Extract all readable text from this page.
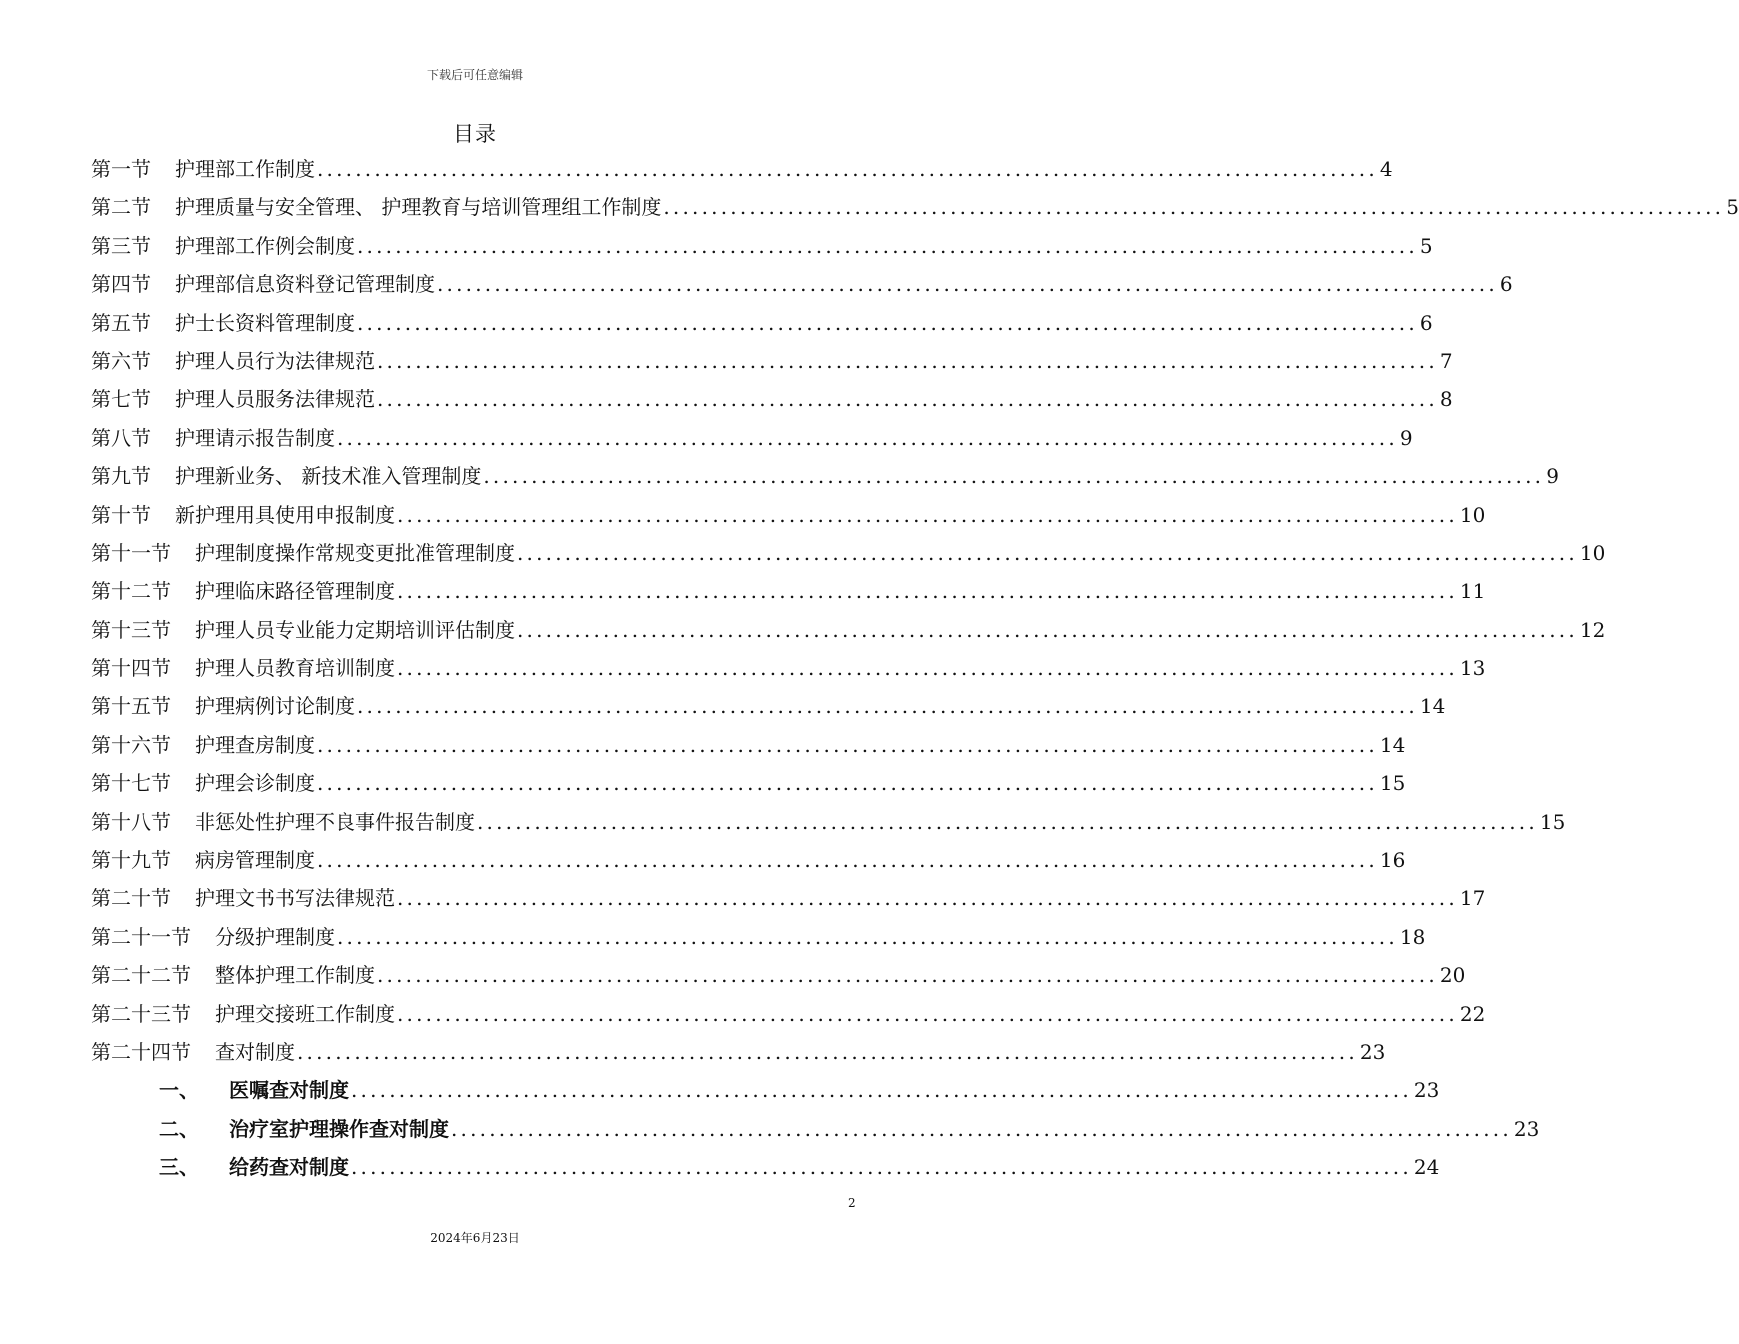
下载后可任意编辑
目录
第一节 护理部工作制度 ............................................................................................................... 4
第二节 护理质量与安全管理、 护理教育与培训管理组工作制度 ............................................................................................................... 5
第三节 护理部工作例会制度 ............................................................................................................... 5
第四节 护理部信息资料登记管理制度 ............................................................................................................... 6
第五节 护士长资料管理制度 ............................................................................................................... 6
第六节 护理人员行为法律规范 ............................................................................................................... 7
第七节 护理人员服务法律规范 ............................................................................................................... 8
第八节 护理请示报告制度 ............................................................................................................... 9
第九节 护理新业务、 新技术准入管理制度 ............................................................................................................... 9
第十节 新护理用具使用申报制度 ............................................................................................................... 10
第十一节 护理制度操作常规变更批准管理制度 ............................................................................................................... 10
第十二节 护理临床路径管理制度 ............................................................................................................... 11
第十三节 护理人员专业能力定期培训评估制度 ............................................................................................................... 12
第十四节 护理人员教育培训制度 ............................................................................................................... 13
第十五节 护理病例讨论制度 ............................................................................................................... 14
第十六节 护理查房制度 ............................................................................................................... 14
第十七节 护理会诊制度 ............................................................................................................... 15
第十八节 非惩处性护理不良事件报告制度 ............................................................................................................... 15
第十九节 病房管理制度 ............................................................................................................... 16
第二十节 护理文书书写法律规范 ............................................................................................................... 17
第二十一节 分级护理制度 ............................................................................................................... 18
第二十二节 整体护理工作制度 ............................................................................................................... 20
第二十三节 护理交接班工作制度 ............................................................................................................... 22
第二十四节 查对制度 ............................................................................................................... 23
一、 医嘱查对制度 ............................................................................................................... 23
二、 治疗室护理操作查对制度 ............................................................................................................... 23
三、 给药查对制度 ............................................................................................................... 24
2
2024年6月23日
